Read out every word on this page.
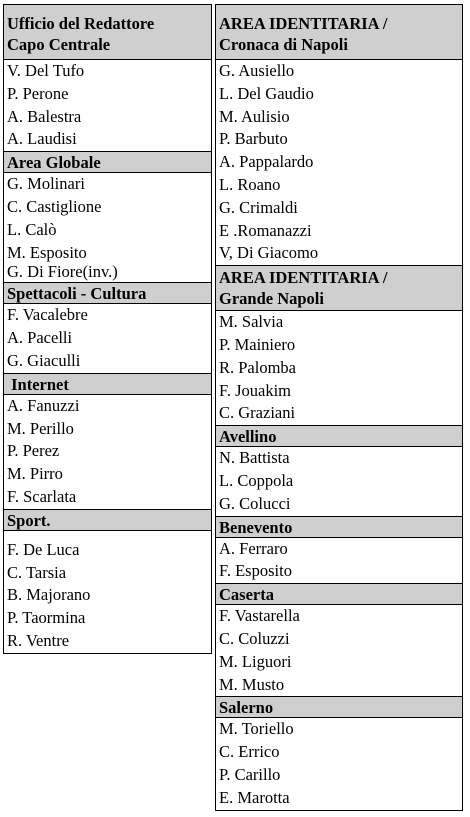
Ufficio del Redattore
Capo Centrale
V. Del Tufo
P. Perone
A. Balestra
A. Laudisi
Area Globale
G. Molinari
C. Castiglione
L. Calò
M. Esposito
G. Di Fiore(inv.)
Spettacoli - Cultura
F. Vacalebre
A. Pacelli
G. Giaculli
Internet
A. Fanuzzi
M. Perillo
P. Perez
M. Pirro
F. Scarlata
Sport.
F. De Luca
C. Tarsia
B. Majorano
P. Taormina
R. Ventre
AREA IDENTITARIA /
Cronaca di Napoli
G. Ausiello
L. Del Gaudio
M. Aulisio
P. Barbuto
A. Pappalardo
L. Roano
G. Crimaldi
E .Romanazzi
V, Di Giacomo
AREA IDENTITARIA /
Grande Napoli
M. Salvia
P. Mainiero
R. Palomba
F. Jouakim
C. Graziani
Avellino
N. Battista
L. Coppola
G. Colucci
Benevento
A. Ferraro
F. Esposito
Caserta
F. Vastarella
C. Coluzzi
M. Liguori
M. Musto
Salerno
M. Toriello
C. Errico
P. Carillo
E. Marotta
